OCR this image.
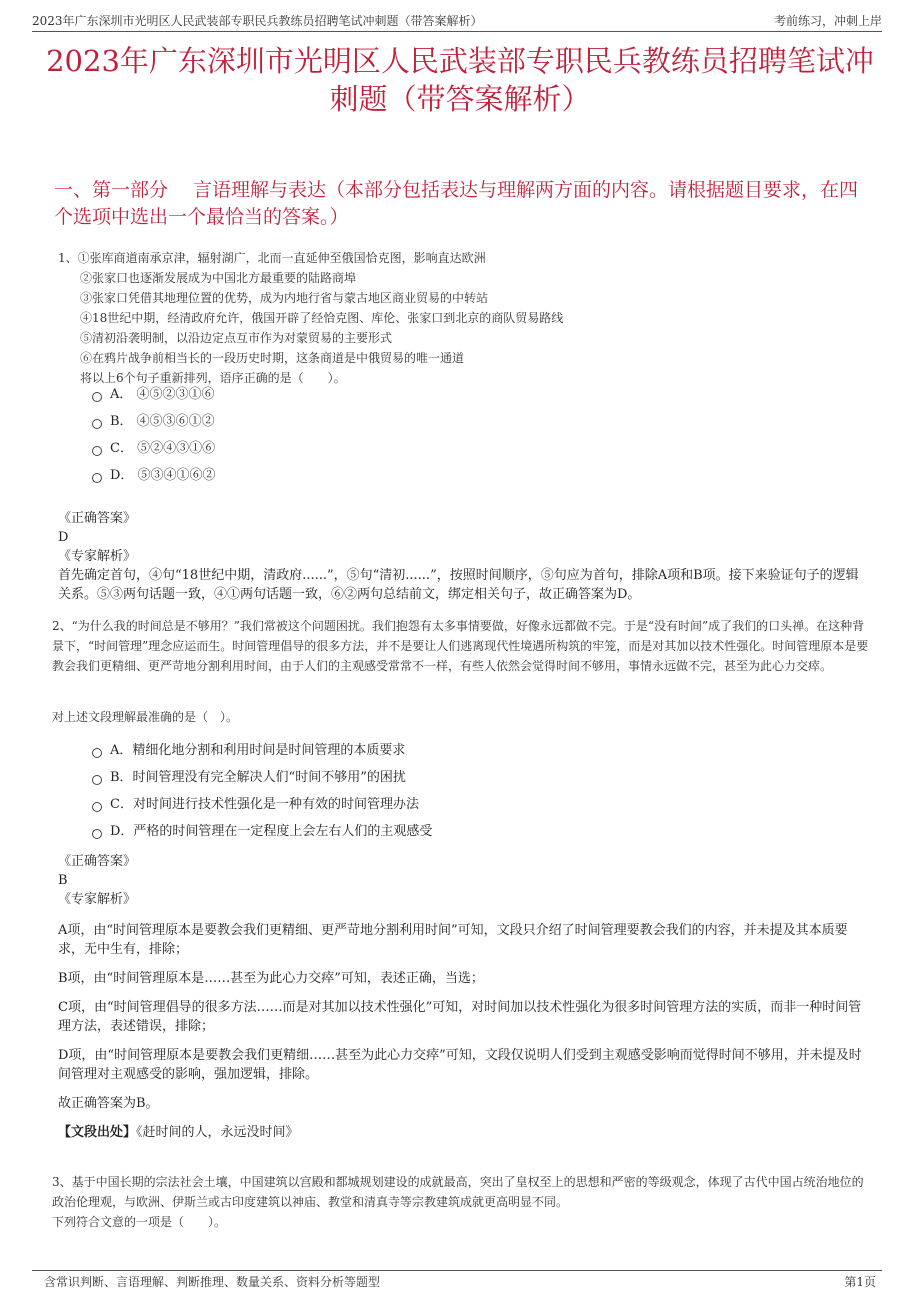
2023年广东深圳市光明区人民武装部专职民兵教练员招聘笔试冲刺题（带答案解析）	考前练习，冲刺上岸
2023年广东深圳市光明区人民武装部专职民兵教练员招聘笔试冲刺题（带答案解析）
一、第一部分　 言语理解与表达（本部分包括表达与理解两方面的内容。请根据题目要求，在四个选项中选出一个最恰当的答案。）
1、①张库商道南承京津，辐射湖广，北而一直延伸至俄国恰克图，影响直达欧洲
②张家口也逐渐发展成为中国北方最重要的陆路商埠
③张家口凭借其地理位置的优势，成为内地行省与蒙古地区商业贸易的中转站
④18世纪中期，经清政府允许，俄国开辟了经恰克图、库伦、张家口到北京的商队贸易路线
⑤清初沿袭明制，以沿边定点互市作为对蒙贸易的主要形式
⑥在鸦片战争前相当长的一段历史时期，这条商道是中俄贸易的唯一通道
将以上6个句子重新排列，语序正确的是（　　）。
A． ④⑤②③①⑥
B． ④⑤③⑥①②
C． ⑤②④③①⑥
D． ⑤③④①⑥②
《正确答案》
D
《专家解析》
首先确定首句，④句“18世纪中期，清政府......”，⑤句“清初......”，按照时间顺序，⑤句应为首句，排除A项和B项。接下来验证句子的逻辑关系。⑤③两句话题一致，④①两句话题一致，⑥②两句总结前文，绑定相关句子，故正确答案为D。
2、“为什么我的时间总是不够用？”我们常被这个问题困扰。我们抱怨有太多事情要做，好像永远都做不完。于是“没有时间”成了我们的口头禅。在这种背景下，“时间管理”理念应运而生。时间管理倡导的很多方法，并不是要让人们逃离现代性境遇所构筑的牢笼，而是对其加以技术性强化。时间管理原本是要教会我们更精细、更严苛地分割利用时间，由于人们的主观感受常常不一样，有些人依然会觉得时间不够用，事情永远做不完，甚至为此心力交瘁。
对上述文段理解最准确的是（　）。
A．精细化地分割和利用时间是时间管理的本质要求
B．时间管理没有完全解决人们“时间不够用”的困扰
C．对时间进行技术性强化是一种有效的时间管理办法
D．严格的时间管理在一定程度上会左右人们的主观感受
《正确答案》
B
《专家解析》

A项，由“时间管理原本是要教会我们更精细、更严苛地分割利用时间”可知，文段只介绍了时间管理要教会我们的内容，并未提及其本质要求，无中生有，排除；

B项，由“时间管理原本是……甚至为此心力交瘁”可知，表述正确，当选；

C项，由“时间管理倡导的很多方法……而是对其加以技术性强化”可知，对时间加以技术性强化为很多时间管理方法的实质，而非一种时间管理方法，表述错误，排除；

D项，由“时间管理原本是要教会我们更精细……甚至为此心力交瘁”可知，文段仅说明人们受到主观感受影响而觉得时间不够用，并未提及时间管理对主观感受的影响，强加逻辑，排除。

故正确答案为B。

【文段出处】《赶时间的人，永远没时间》
3、基于中国长期的宗法社会土壤，中国建筑以宫殿和都城规划建设的成就最高，突出了皇权至上的思想和严密的等级观念，体现了古代中国占统治地位的政治伦理观，与欧洲、伊斯兰或古印度建筑以神庙、教堂和清真寺等宗教建筑成就更高明显不同。
下列符合文意的一项是（　　）。
含常识判断、言语理解、判断推理、数量关系、资料分析等题型	第1页
